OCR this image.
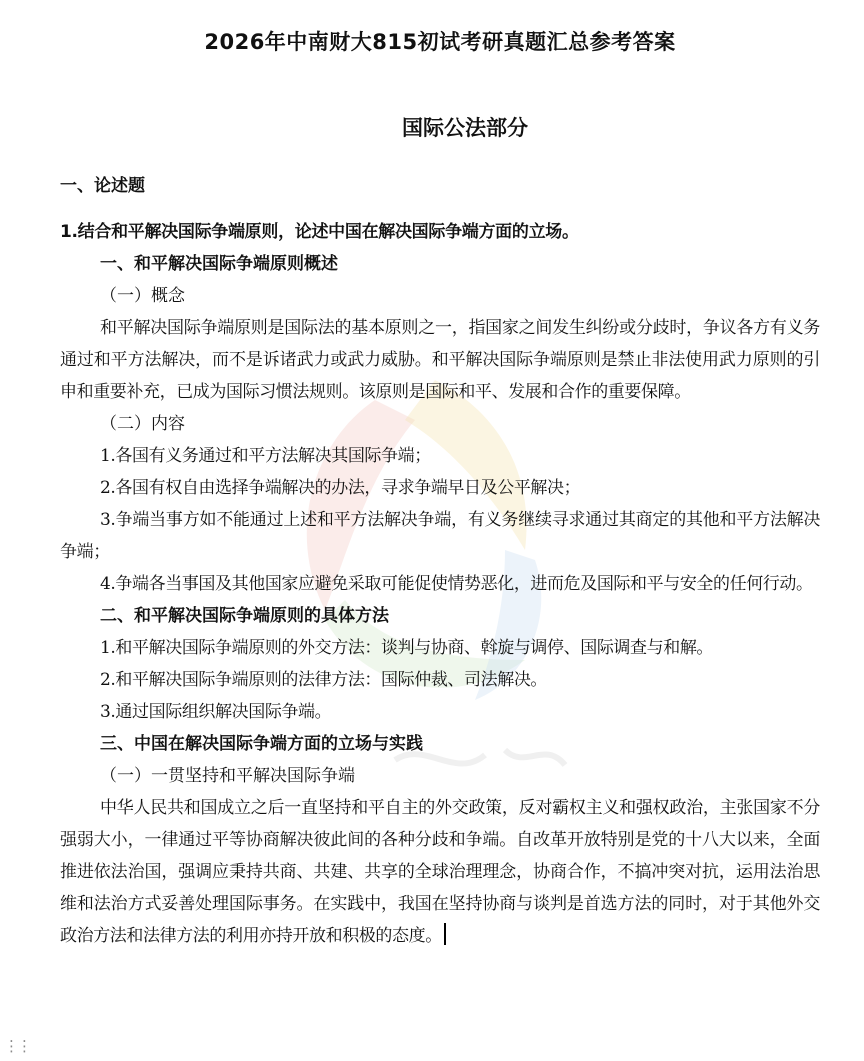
2026年中南财大815初试考研真题汇总参考答案
国际公法部分

一、论述题

1.结合和平解决国际争端原则，论述中国在解决国际争端方面的立场。

一、和平解决国际争端原则概述

（一）概念

和平解决国际争端原则是国际法的基本原则之一，指国家之间发生纠纷或分歧时，争议各方有义务通过和平方法解决，而不是诉诸武力或武力威胁。和平解决国际争端原则是禁止非法使用武力原则的引申和重要补充，已成为国际习惯法规则。该原则是国际和平、发展和合作的重要保障。

（二）内容

1.各国有义务通过和平方法解决其国际争端；

2.各国有权自由选择争端解决的办法，寻求争端早日及公平解决；

3.争端当事方如不能通过上述和平方法解决争端，有义务继续寻求通过其商定的其他和平方法解决争端；

4.争端各当事国及其他国家应避免采取可能促使情势恶化，进而危及国际和平与安全的任何行动。

二、和平解决国际争端原则的具体方法

1.和平解决国际争端原则的外交方法：谈判与协商、斡旋与调停、国际调查与和解。

2.和平解决国际争端原则的法律方法：国际仲裁、司法解决。

3.通过国际组织解决国际争端。

三、中国在解决国际争端方面的立场与实践

（一）一贯坚持和平解决国际争端

中华人民共和国成立之后一直坚持和平自主的外交政策，反对霸权主义和强权政治，主张国家不分强弱大小，一律通过平等协商解决彼此间的各种分歧和争端。自改革开放特别是党的十八大以来，全面推进依法治国，强调应秉持共商、共建、共享的全球治理理念，协商合作，不搞冲突对抗，运用法治思维和法治方式妥善处理国际事务。在实践中，我国在坚持协商与谈判是首选方法的同时，对于其他外交政治方法和法律方法的利用亦持开放和积极的态度。

⋮⋮
